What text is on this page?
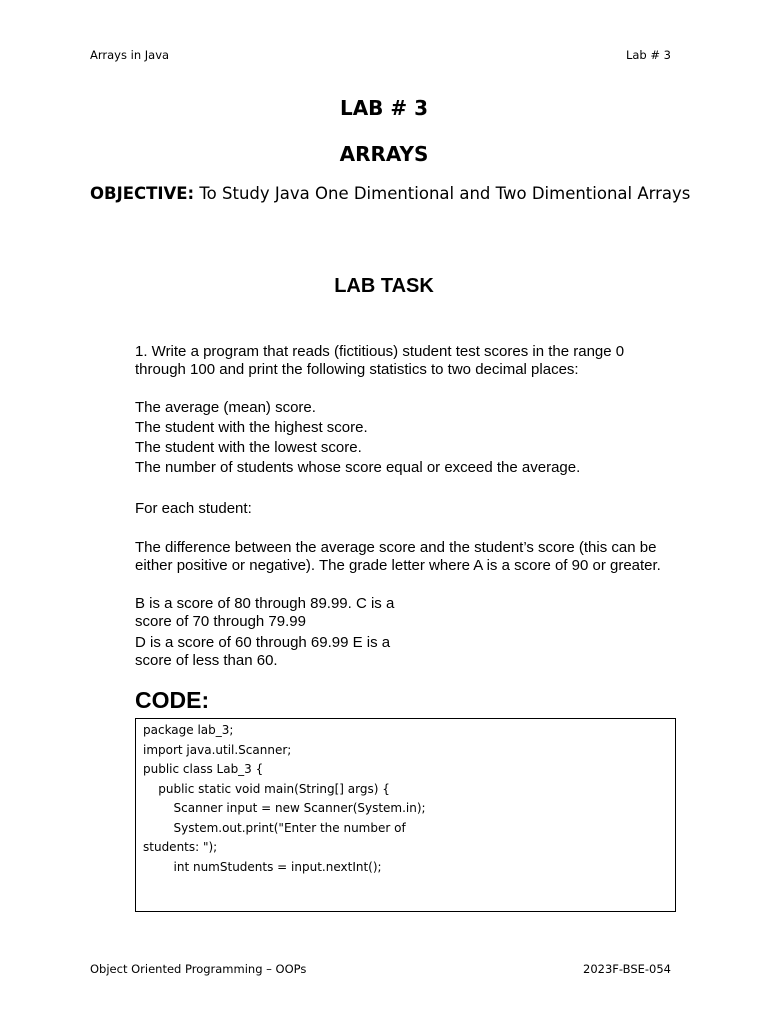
Arrays in Java	Lab # 3
LAB # 3
ARRAYS
OBJECTIVE: To Study Java One Dimentional and Two Dimentional Arrays
LAB TASK
1. Write a program that reads (fictitious) student test scores in the range 0
through 100 and print the following statistics to two decimal places:
The average (mean) score.
The student with the highest score.
The student with the lowest score.
The number of students whose score equal or exceed the average.
For each student:
The difference between the average score and the student’s score (this can be either positive or negative). The grade letter where A is a score of 90 or greater.
B is a score of 80 through 89.99. C is a
score of 70 through 79.99
D is a score of 60 through 69.99 E is a
score of less than 60.
CODE:
package lab_3;
import java.util.Scanner;
public class Lab_3 {
public static void main(String[] args) {
Scanner input = new Scanner(System.in);
System.out.print("Enter the number of
students: ");
int numStudents = input.nextInt();
Object Oriented Programming – OOPs	2023F-BSE-054
